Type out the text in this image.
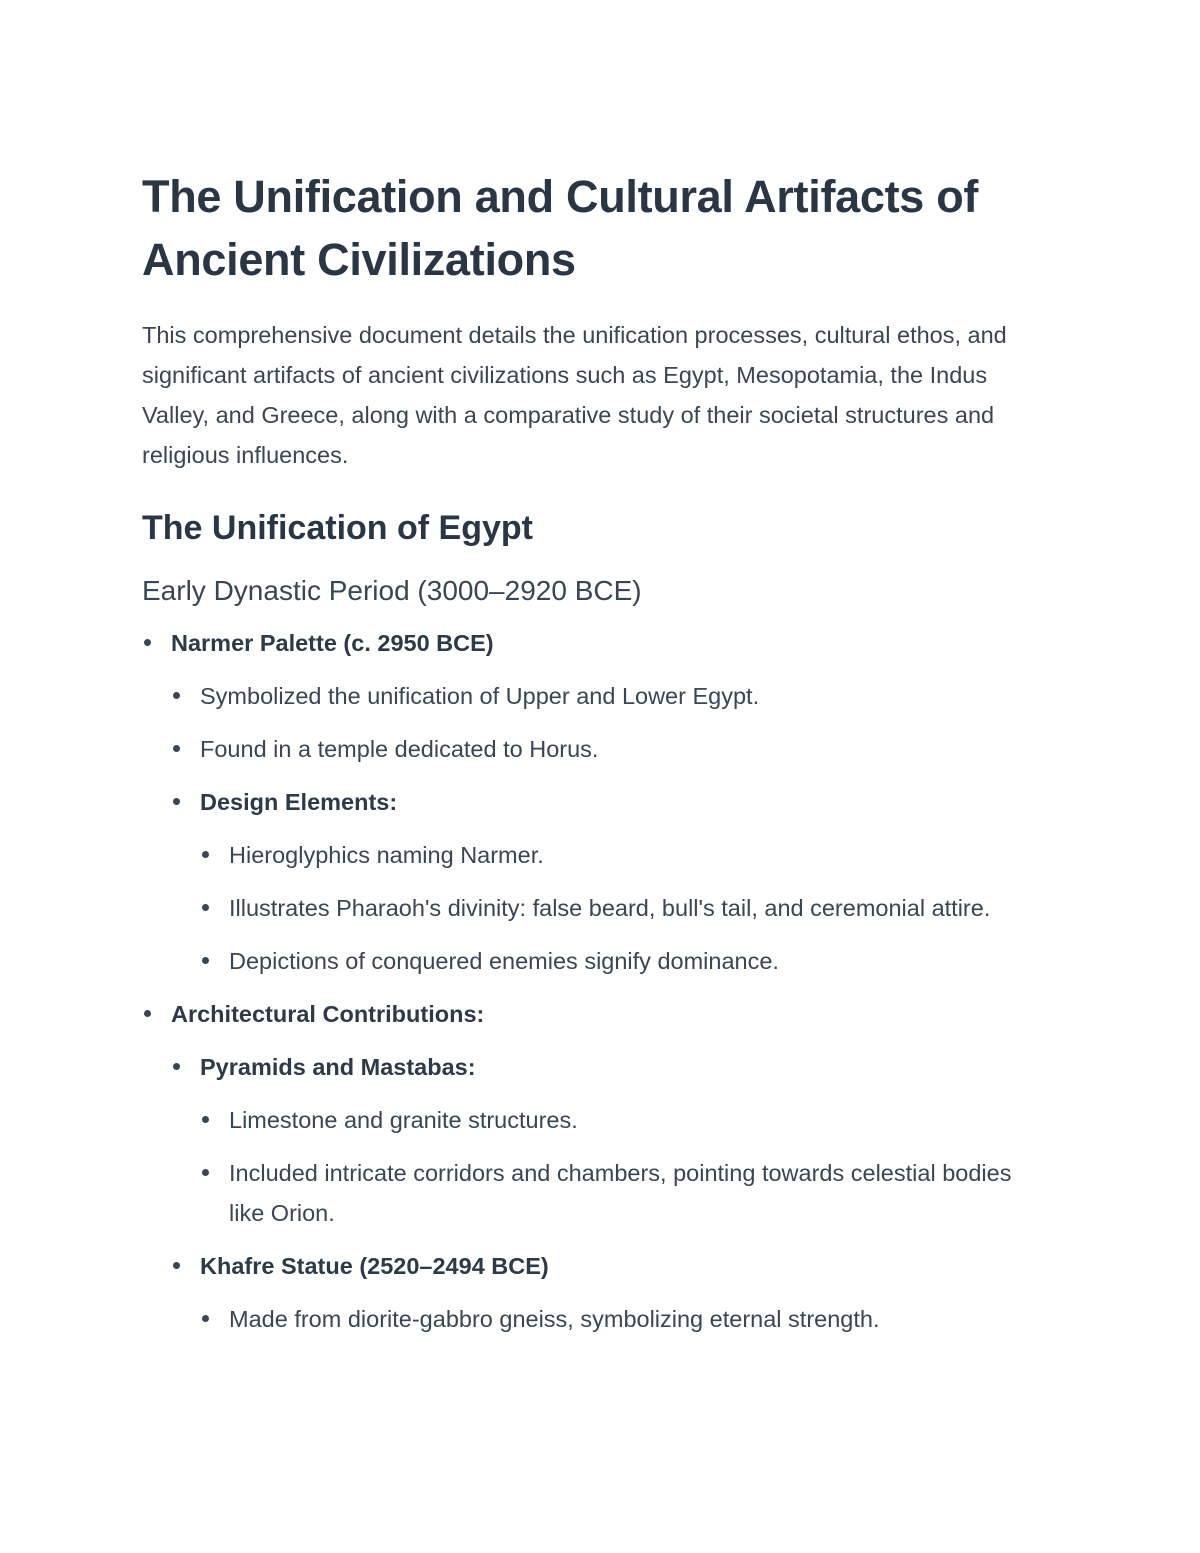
The Unification and Cultural Artifacts of Ancient Civilizations

This comprehensive document details the unification processes, cultural ethos, and significant artifacts of ancient civilizations such as Egypt, Mesopotamia, the Indus Valley, and Greece, along with a comparative study of their societal structures and religious influences.

The Unification of Egypt
Early Dynastic Period (3000–2920 BCE)
Narmer Palette (c. 2950 BCE)
Symbolized the unification of Upper and Lower Egypt.
Found in a temple dedicated to Horus.
Design Elements:
Hieroglyphics naming Narmer.
Illustrates Pharaoh's divinity: false beard, bull's tail, and ceremonial attire.
Depictions of conquered enemies signify dominance.
Architectural Contributions:
Pyramids and Mastabas:
Limestone and granite structures.
Included intricate corridors and chambers, pointing towards celestial bodies like Orion.
Khafre Statue (2520–2494 BCE)
Made from diorite-gabbro gneiss, symbolizing eternal strength.
